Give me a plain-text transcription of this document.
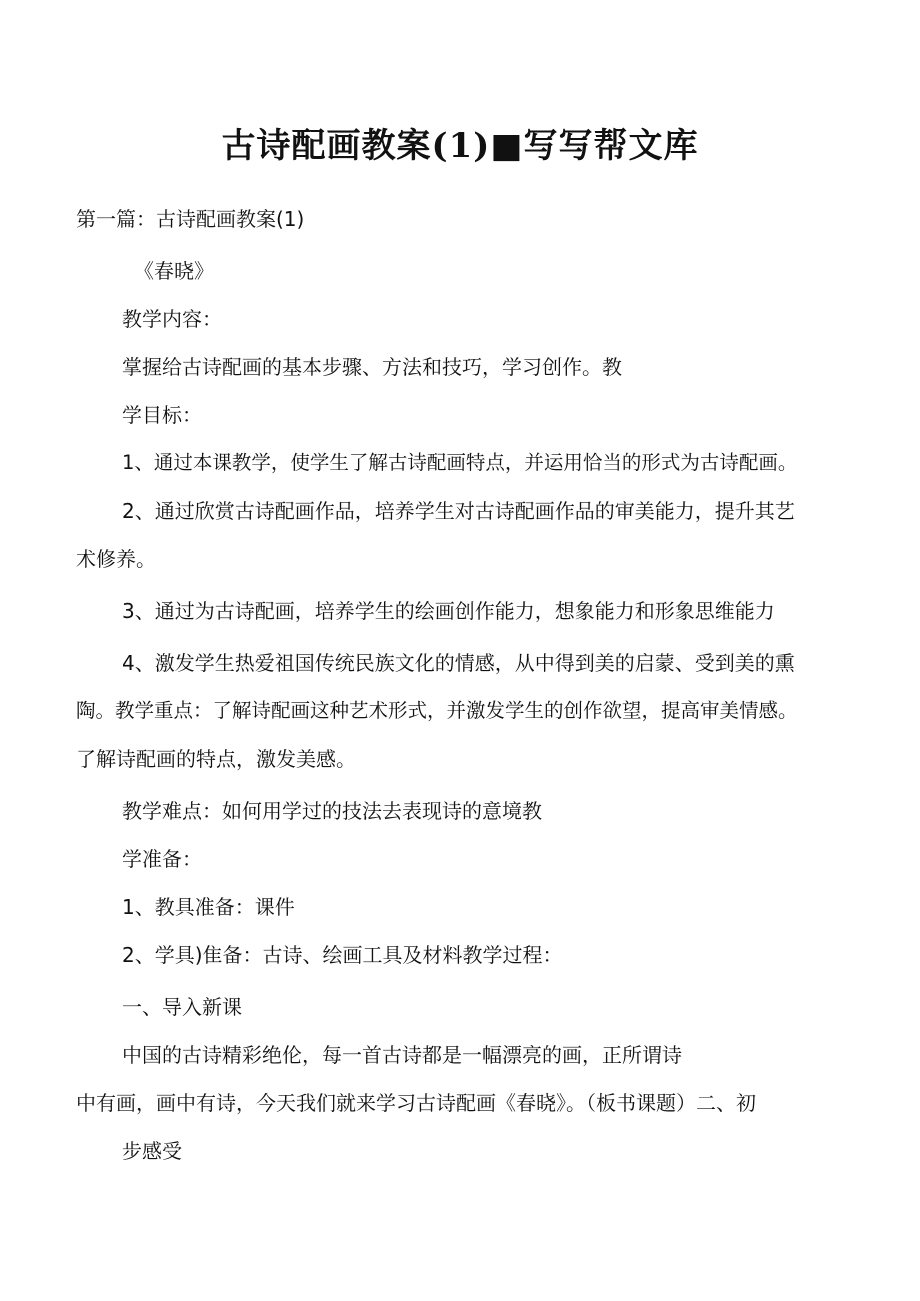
古诗配画教案(1)■写写帮文库
第一篇：古诗配画教案(1)
《春晓》
教学内容：
掌握给古诗配画的基本步骤、方法和技巧，学习创作。教
学目标：
1、通过本课教学，使学生了解古诗配画特点，并运用恰当的形式为古诗配画。
2、通过欣赏古诗配画作品，培养学生对古诗配画作品的审美能力，提升其艺
术修养。
3、通过为古诗配画，培养学生的绘画创作能力，想象能力和形象思维能力
4、激发学生热爱祖国传统民族文化的情感，从中得到美的启蒙、受到美的熏
陶。教学重点：了解诗配画这种艺术形式，并激发学生的创作欲望，提高审美情感。
了解诗配画的特点，激发美感。
教学难点：如何用学过的技法去表现诗的意境教
学准备：
1、教具准备：课件
2、学具)隹备：古诗、绘画工具及材料教学过程：
一、导入新课
中国的古诗精彩绝伦，每一首古诗都是一幅漂亮的画，正所谓诗
中有画，画中有诗，今天我们就来学习古诗配画《春晓》。（板书课题）二、初
步感受
